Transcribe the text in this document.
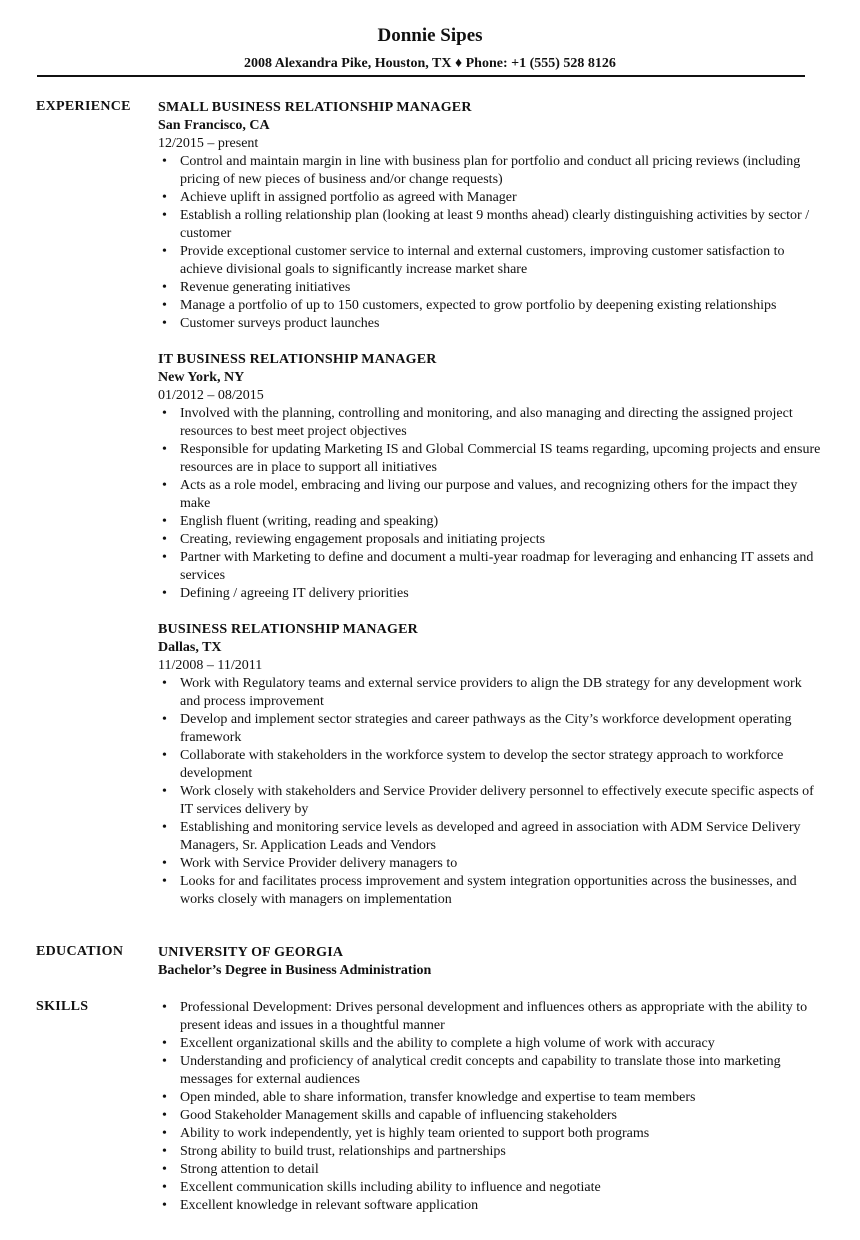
Donnie Sipes
2008 Alexandra Pike, Houston, TX ♦ Phone: +1 (555) 528 8126
EXPERIENCE SMALL BUSINESS RELATIONSHIP MANAGER
San Francisco, CA
12/2015 – present
• Control and maintain margin in line with business plan for portfolio and conduct all pricing reviews (including pricing of new pieces of business and/or change requests)
• Achieve uplift in assigned portfolio as agreed with Manager
• Establish a rolling relationship plan (looking at least 9 months ahead) clearly distinguishing activities by sector / customer
• Provide exceptional customer service to internal and external customers, improving customer satisfaction to achieve divisional goals to significantly increase market share
• Revenue generating initiatives
• Manage a portfolio of up to 150 customers, expected to grow portfolio by deepening existing relationships
• Customer surveys product launches
IT BUSINESS RELATIONSHIP MANAGER
New York, NY
01/2012 – 08/2015
• Involved with the planning, controlling and monitoring, and also managing and directing the assigned project resources to best meet project objectives
• Responsible for updating Marketing IS and Global Commercial IS teams regarding, upcoming projects and ensure resources are in place to support all initiatives
• Acts as a role model, embracing and living our purpose and values, and recognizing others for the impact they make
• English fluent (writing, reading and speaking)
• Creating, reviewing engagement proposals and initiating projects
• Partner with Marketing to define and document a multi-year roadmap for leveraging and enhancing IT assets and services
• Defining / agreeing IT delivery priorities
BUSINESS RELATIONSHIP MANAGER
Dallas, TX
11/2008 – 11/2011
• Work with Regulatory teams and external service providers to align the DB strategy for any development work and process improvement
• Develop and implement sector strategies and career pathways as the City’s workforce development operating framework
• Collaborate with stakeholders in the workforce system to develop the sector strategy approach to workforce development
• Work closely with stakeholders and Service Provider delivery personnel to effectively execute specific aspects of IT services delivery by
• Establishing and monitoring service levels as developed and agreed in association with ADM Service Delivery Managers, Sr. Application Leads and Vendors
• Work with Service Provider delivery managers to
• Looks for and facilitates process improvement and system integration opportunities across the businesses, and works closely with managers on implementation
EDUCATION UNIVERSITY OF GEORGIA
Bachelor’s Degree in Business Administration
SKILLS
•	Professional Development: Drives personal development and influences others as appropriate with the ability to present ideas and issues in a thoughtful manner
• Excellent organizational skills and the ability to complete a high volume of work with accuracy
• Understanding and proficiency of analytical credit concepts and capability to translate those into marketing messages for external audiences
• Open minded, able to share information, transfer knowledge and expertise to team members
• Good Stakeholder Management skills and capable of influencing stakeholders
• Ability to work independently, yet is highly team oriented to support both programs
• Strong ability to build trust, relationships and partnerships
• Strong attention to detail
• Excellent communication skills including ability to influence and negotiate
• Excellent knowledge in relevant software application
